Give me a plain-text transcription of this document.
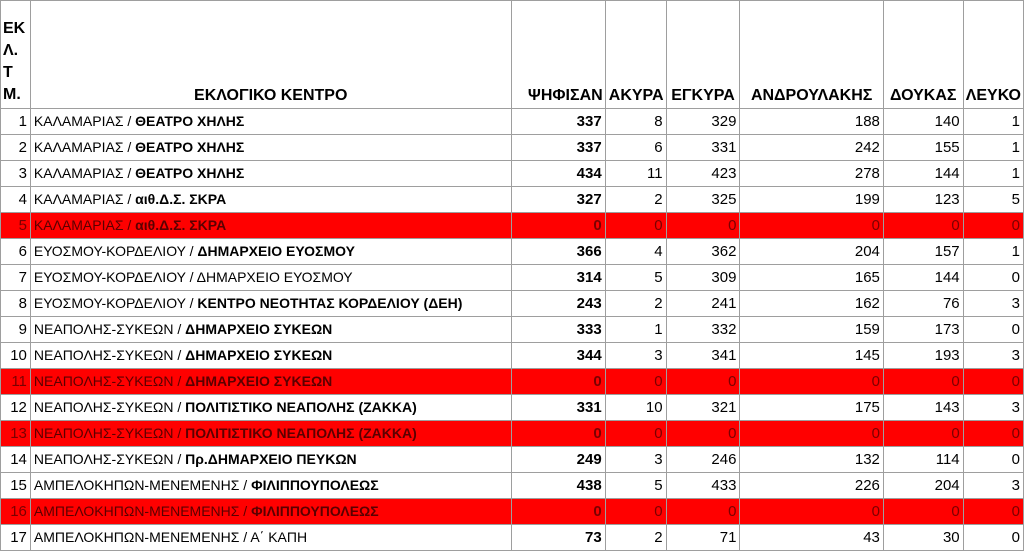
ΕΚ
Λ.
Τ
Μ.	ΕΚΛΟΓΙΚΟ ΚΕΝΤΡΟ	ΨΗΦΙΣΑΝ	ΑΚΥΡΑ	ΕΓΚΥΡΑ	ΑΝΔΡΟΥΛΑΚΗΣ	ΔΟΥΚΑΣ	ΛΕΥΚΟ
1	ΚΑΛΑΜΑΡΙΑΣ / ΘΕΑΤΡΟ ΧΗΛΗΣ	337	8	329	188	140	1
2	ΚΑΛΑΜΑΡΙΑΣ / ΘΕΑΤΡΟ ΧΗΛΗΣ	337	6	331	242	155	1
3	ΚΑΛΑΜΑΡΙΑΣ / ΘΕΑΤΡΟ ΧΗΛΗΣ	434	11	423	278	144	1
4	ΚΑΛΑΜΑΡΙΑΣ / αιθ.Δ.Σ. ΣΚΡΑ	327	2	325	199	123	5
5	ΚΑΛΑΜΑΡΙΑΣ / αιθ.Δ.Σ. ΣΚΡΑ	0	0	0	0	0	0
6	ΕΥΟΣΜΟΥ-ΚΟΡΔΕΛΙΟΥ / ΔΗΜΑΡΧΕΙΟ ΕΥΟΣΜΟΥ	366	4	362	204	157	1
7	ΕΥΟΣΜΟΥ-ΚΟΡΔΕΛΙΟΥ / ΔΗΜΑΡΧΕΙΟ ΕΥΟΣΜΟΥ	314	5	309	165	144	0
8	ΕΥΟΣΜΟΥ-ΚΟΡΔΕΛΙΟΥ / ΚΕΝΤΡΟ ΝΕΟΤΗΤΑΣ ΚΟΡΔΕΛΙΟΥ (ΔΕΗ)	243	2	241	162	76	3
9	ΝΕΑΠΟΛΗΣ-ΣΥΚΕΩΝ / ΔΗΜΑΡΧΕΙΟ ΣΥΚΕΩΝ	333	1	332	159	173	0
10	ΝΕΑΠΟΛΗΣ-ΣΥΚΕΩΝ / ΔΗΜΑΡΧΕΙΟ ΣΥΚΕΩΝ	344	3	341	145	193	3
11	ΝΕΑΠΟΛΗΣ-ΣΥΚΕΩΝ / ΔΗΜΑΡΧΕΙΟ ΣΥΚΕΩΝ	0	0	0	0	0	0
12	ΝΕΑΠΟΛΗΣ-ΣΥΚΕΩΝ / ΠΟΛΙΤΙΣΤΙΚΟ ΝΕΑΠΟΛΗΣ (ΖΑΚΚΑ)	331	10	321	175	143	3
13	ΝΕΑΠΟΛΗΣ-ΣΥΚΕΩΝ / ΠΟΛΙΤΙΣΤΙΚΟ ΝΕΑΠΟΛΗΣ (ΖΑΚΚΑ)	0	0	0	0	0	0
14	ΝΕΑΠΟΛΗΣ-ΣΥΚΕΩΝ / Πρ.ΔΗΜΑΡΧΕΙΟ ΠΕΥΚΩΝ	249	3	246	132	114	0
15	ΑΜΠΕΛΟΚΗΠΩΝ-ΜΕΝΕΜΕΝΗΣ / ΦΙΛΙΠΠΟΥΠΟΛΕΩΣ	438	5	433	226	204	3
16	ΑΜΠΕΛΟΚΗΠΩΝ-ΜΕΝΕΜΕΝΗΣ / ΦΙΛΙΠΠΟΥΠΟΛΕΩΣ	0	0	0	0	0	0
17	ΑΜΠΕΛΟΚΗΠΩΝ-ΜΕΝΕΜΕΝΗΣ / Α΄ ΚΑΠΗ	73	2	71	43	30	0
